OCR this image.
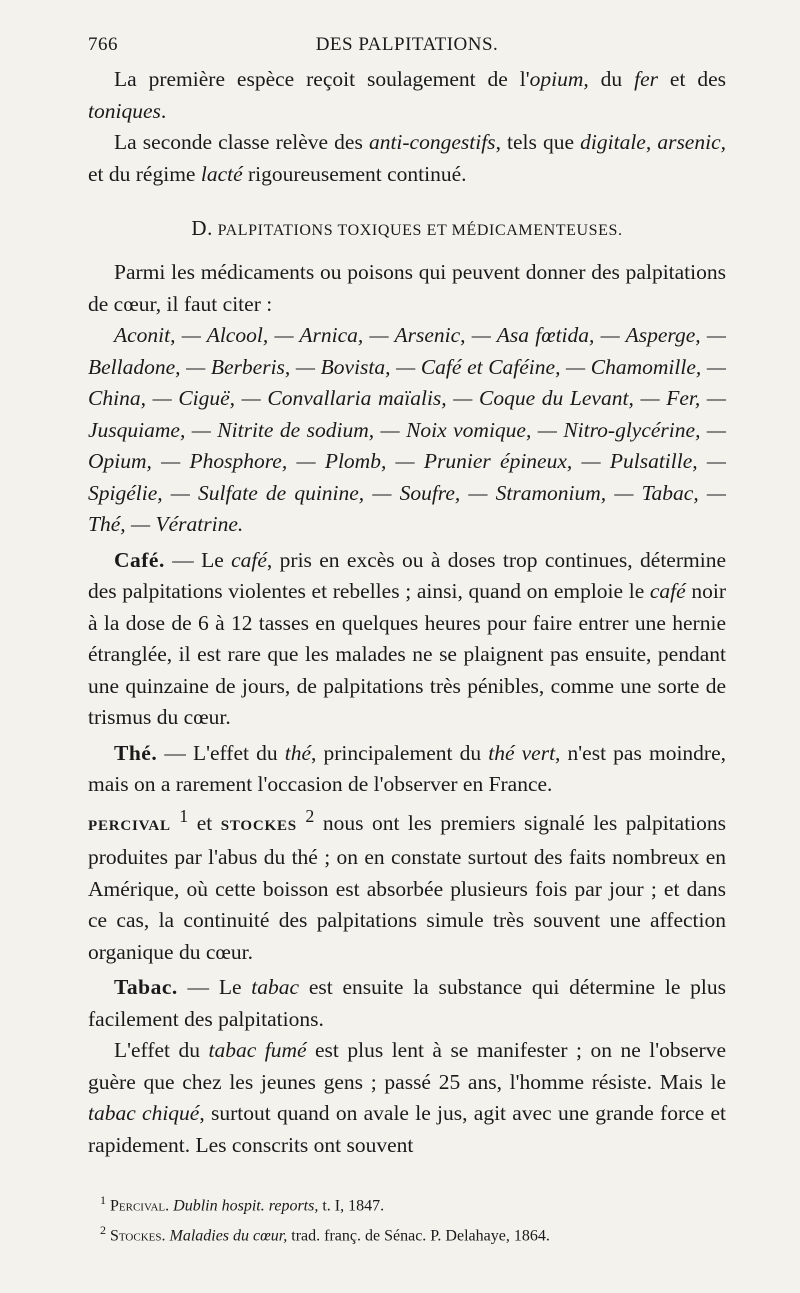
766	DES PALPITATIONS.

La première espèce reçoit soulagement de l'opium, du fer et des toniques.

La seconde classe relève des anti-congestifs, tels que digitale, arsenic, et du régime lacté rigoureusement continué.

D. PALPITATIONS TOXIQUES ET MÉDICAMENTEUSES.

Parmi les médicaments ou poisons qui peuvent donner des palpitations de cœur, il faut citer :

Aconit, — Alcool, — Arnica, — Arsenic, — Asa fœtida, — Asperge, — Belladone, — Berberis, — Bovista, — Café et Caféine, — Chamomille, — China, — Ciguë, — Convallaria maïalis, — Coque du Levant, — Fer, — Jusquiame, — Nitrite de sodium, — Noix vomique, — Nitro-glycérine, — Opium, — Phosphore, — Plomb, — Prunier épineux, — Pulsatille, — Spigélie, — Sulfate de quinine, — Soufre, — Stramonium, — Tabac, — Thé, — Vératrine.

Café. — Le café, pris en excès ou à doses trop continues, détermine des palpitations violentes et rebelles ; ainsi, quand on emploie le café noir à la dose de 6 à 12 tasses en quelques heures pour faire entrer une hernie étranglée, il est rare que les malades ne se plaignent pas ensuite, pendant une quinzaine de jours, de palpitations très pénibles, comme une sorte de trismus du cœur.

Thé. — L'effet du thé, principalement du thé vert, n'est pas moindre, mais on a rarement l'occasion de l'observer en France.

PERCIVAL $^1$ et STOCKES $^2$ nous ont les premiers signalé les palpitations produites par l'abus du thé ; on en constate surtout des faits nombreux en Amérique, où cette boisson est absorbée plusieurs fois par jour ; et dans ce cas, la continuité des palpitations simule très souvent une affection organique du cœur.

Tabac. — Le tabac est ensuite la substance qui détermine le plus facilement des palpitations.

L'effet du tabac fumé est plus lent à se manifester ; on ne l'observe guère que chez les jeunes gens ; passé 25 ans, l'homme résiste. Mais le tabac chiqué, surtout quand on avale le jus, agit avec une grande force et rapidement. Les conscrits ont souvent

$^1$ Percival. Dublin hospit. reports, t. I, 1847.
$^2$ Stockes. Maladies du cœur, trad. franç. de Sénac. P. Delahaye, 1864.
